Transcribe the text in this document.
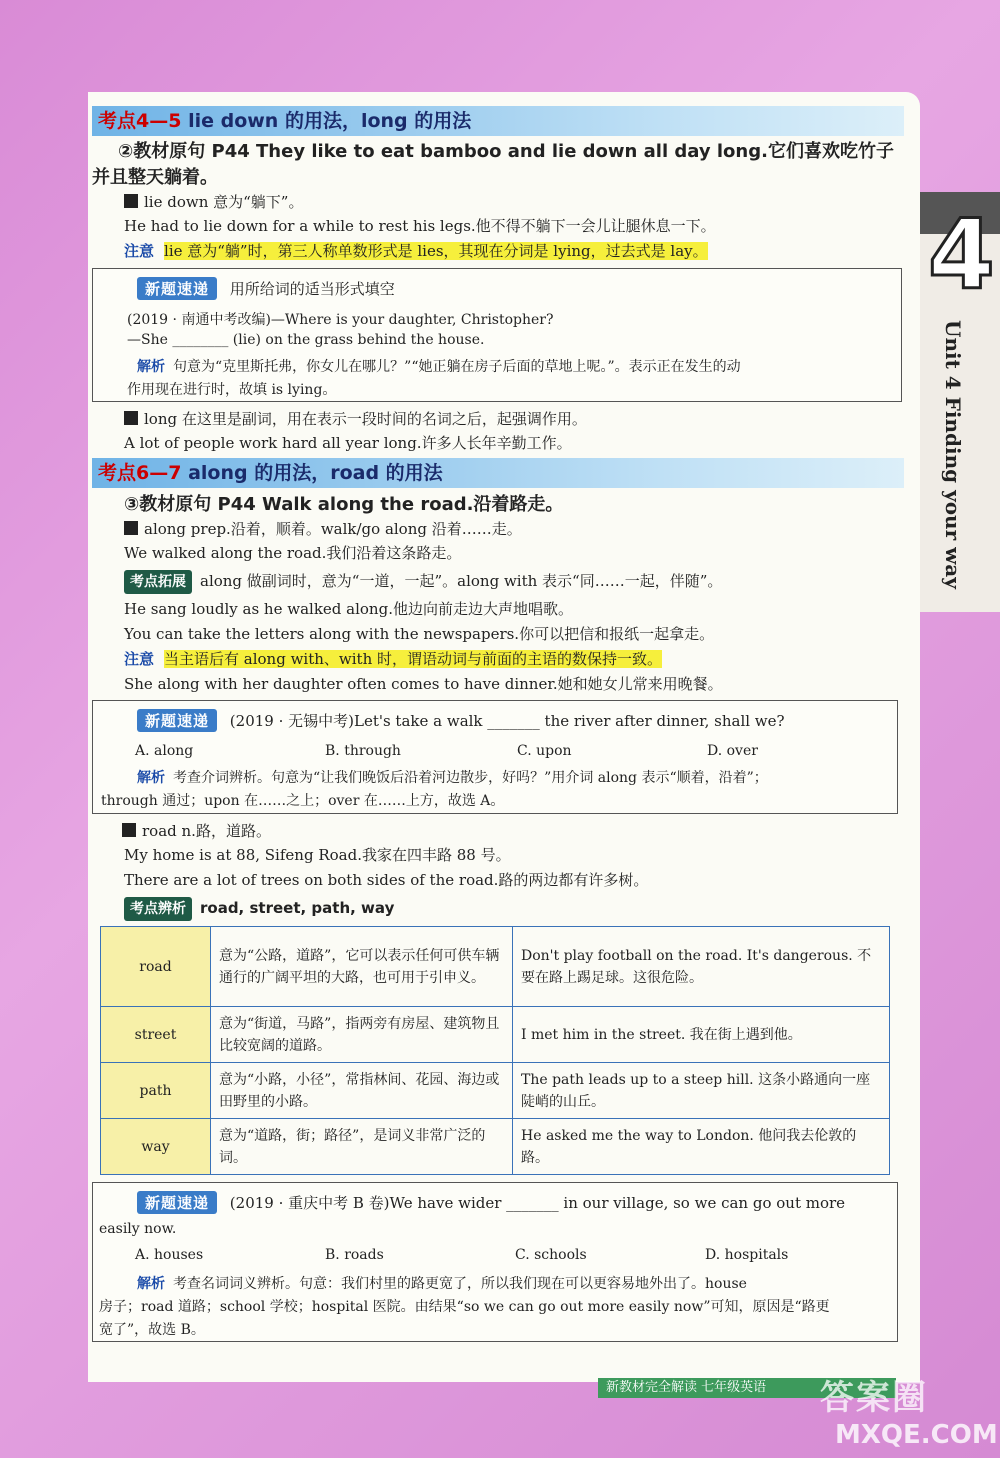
4
Unit 4 Finding your way
考点4—5 lie down 的用法，long 的用法
②教材原句 P44 They like to eat bamboo and lie down all day long.它们喜欢吃竹子
并且整天躺着。
lie down 意为“躺下”。
He had to lie down for a while to rest his legs.他不得不躺下一会儿让腿休息一下。
注意 lie 意为“躺”时，第三人称单数形式是 lies，其现在分词是 lying，过去式是 lay。
新题速递 用所给词的适当形式填空
(2019 · 南通中考改编)—Where is your daughter, Christopher?
—She ________ (lie) on the grass behind the house.
解析 句意为“克里斯托弗，你女儿在哪儿？”“她正躺在房子后面的草地上呢。”。表示正在发生的动
作用现在进行时，故填 is lying。
long 在这里是副词，用在表示一段时间的名词之后，起强调作用。
A lot of people work hard all year long.许多人长年辛勤工作。
考点6—7 along 的用法，road 的用法
③教材原句 P44 Walk along the road.沿着路走。
along prep.沿着，顺着。walk/go along 沿着……走。
We walked along the road.我们沿着这条路走。
考点拓展 along 做副词时，意为“一道，一起”。along with 表示“同……一起，伴随”。
He sang loudly as he walked along.他边向前走边大声地唱歌。
You can take the letters along with the newspapers.你可以把信和报纸一起拿走。
注意 当主语后有 along with、with 时，谓语动词与前面的主语的数保持一致。
She along with her daughter often comes to have dinner.她和她女儿常来用晚餐。
新题速递 (2019 · 无锡中考)Let's take a walk _______ the river after dinner, shall we?
A. along	B. through	C. upon	D. over
解析 考查介词辨析。句意为“让我们晚饭后沿着河边散步，好吗？”用介词 along 表示“顺着，沿着”；
through 通过；upon 在……之上；over 在……上方，故选 A。
road n.路，道路。
My home is at 88, Sifeng Road.我家在四丰路 88 号。
There are a lot of trees on both sides of the road.路的两边都有许多树。
考点辨析 road, street, path, way
road	意为“公路，道路”，它可以表示任何可供车辆通行的广阔平坦的大路，也可用于引申义。	Don't play football on the road. It's dangerous. 不要在路上踢足球。这很危险。
street	意为“街道，马路”，指两旁有房屋、建筑物且比较宽阔的道路。	I met him in the street. 我在街上遇到他。
path	意为“小路，小径”，常指林间、花园、海边或田野里的小路。	The path leads up to a steep hill. 这条小路通向一座陡峭的山丘。
way	意为“道路，街；路径”，是词义非常广泛的词。	He asked me the way to London. 他问我去伦敦的路。
新题速递 (2019 · 重庆中考 B 卷)We have wider _______ in our village, so we can go out more
easily now.
A. houses	B. roads	C. schools	D. hospitals
解析 考查名词词义辨析。句意：我们村里的路更宽了，所以我们现在可以更容易地外出了。house
房子；road 道路；school 学校；hospital 医院。由结果“so we can go out more easily now”可知，原因是“路更
宽了”，故选 B。
新教材完全解读 七年级英语	答案圈
MXQE.COM
